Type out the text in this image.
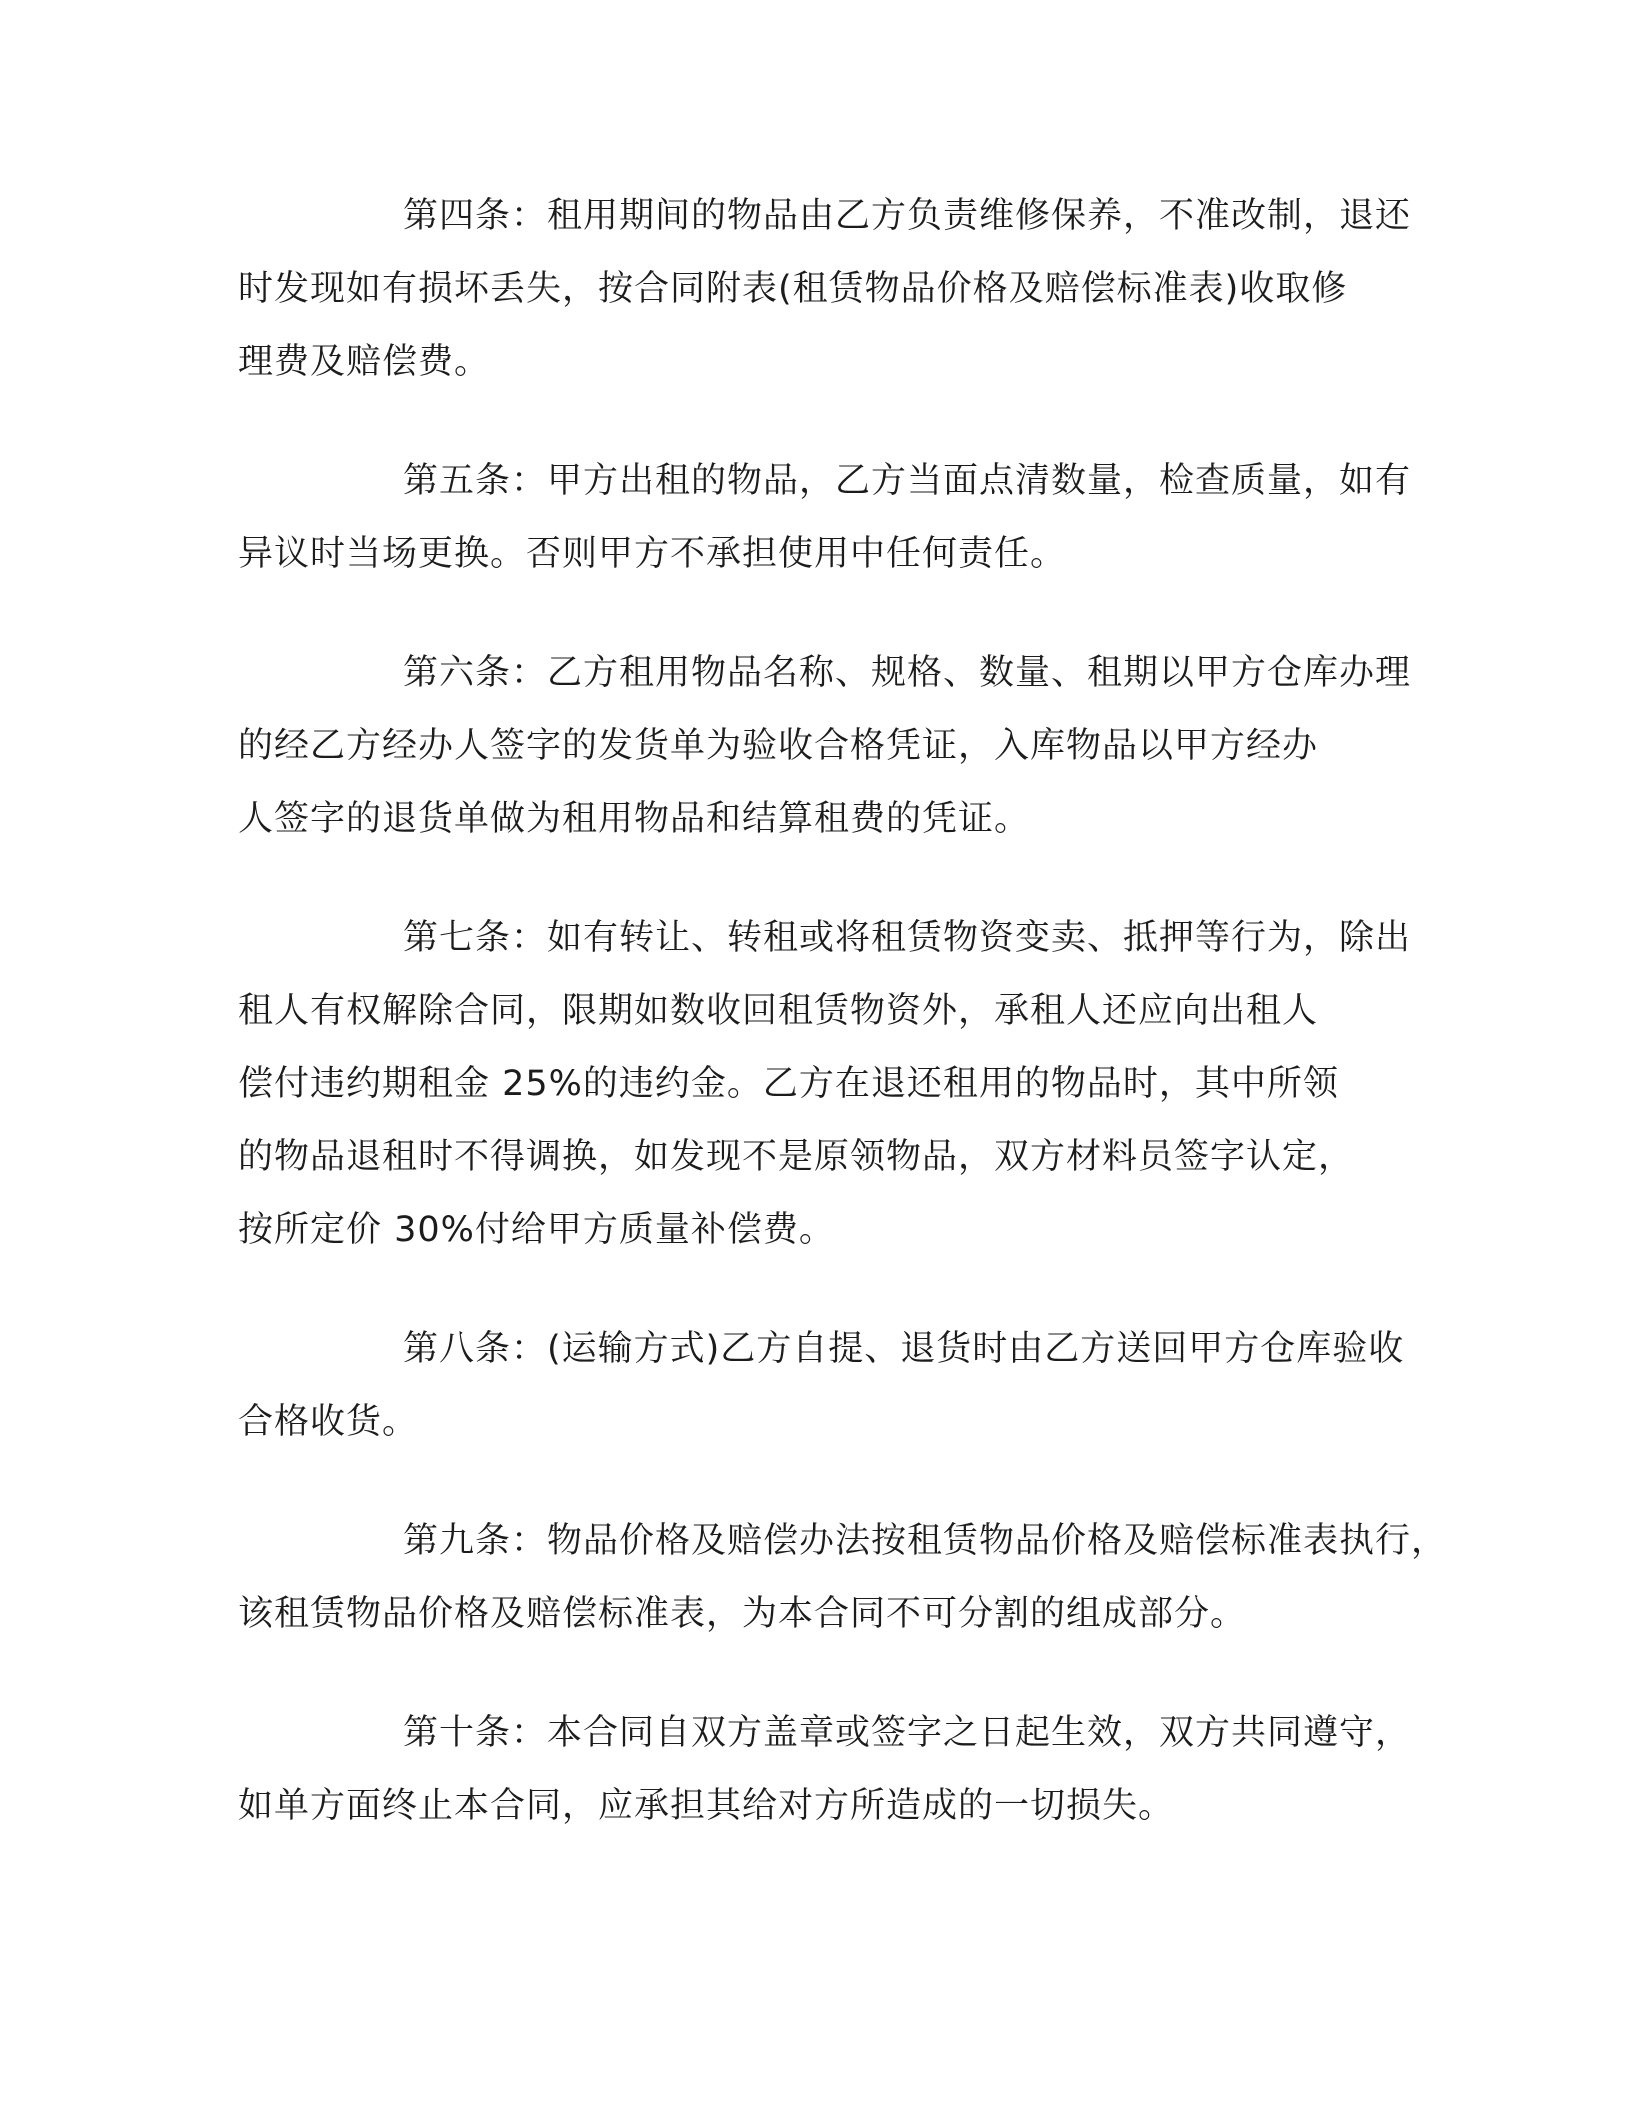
第四条：租用期间的物品由乙方负责维修保养，不准改制，退还
时发现如有损坏丢失，按合同附表(租赁物品价格及赔偿标准表)收取修
理费及赔偿费。

第五条：甲方出租的物品，乙方当面点清数量，检查质量，如有
异议时当场更换。否则甲方不承担使用中任何责任。

第六条：乙方租用物品名称、规格、数量、租期以甲方仓库办理
的经乙方经办人签字的发货单为验收合格凭证，入库物品以甲方经办
人签字的退货单做为租用物品和结算租费的凭证。

第七条：如有转让、转租或将租赁物资变卖、抵押等行为，除出
租人有权解除合同，限期如数收回租赁物资外，承租人还应向出租人
偿付违约期租金 25%的违约金。乙方在退还租用的物品时，其中所领
的物品退租时不得调换，如发现不是原领物品，双方材料员签字认定，
按所定价 30%付给甲方质量补偿费。

第八条：(运输方式)乙方自提、退货时由乙方送回甲方仓库验收
合格收货。

第九条：物品价格及赔偿办法按租赁物品价格及赔偿标准表执行，
该租赁物品价格及赔偿标准表，为本合同不可分割的组成部分。

第十条：本合同自双方盖章或签字之日起生效，双方共同遵守，
如单方面终止本合同，应承担其给对方所造成的一切损失。
